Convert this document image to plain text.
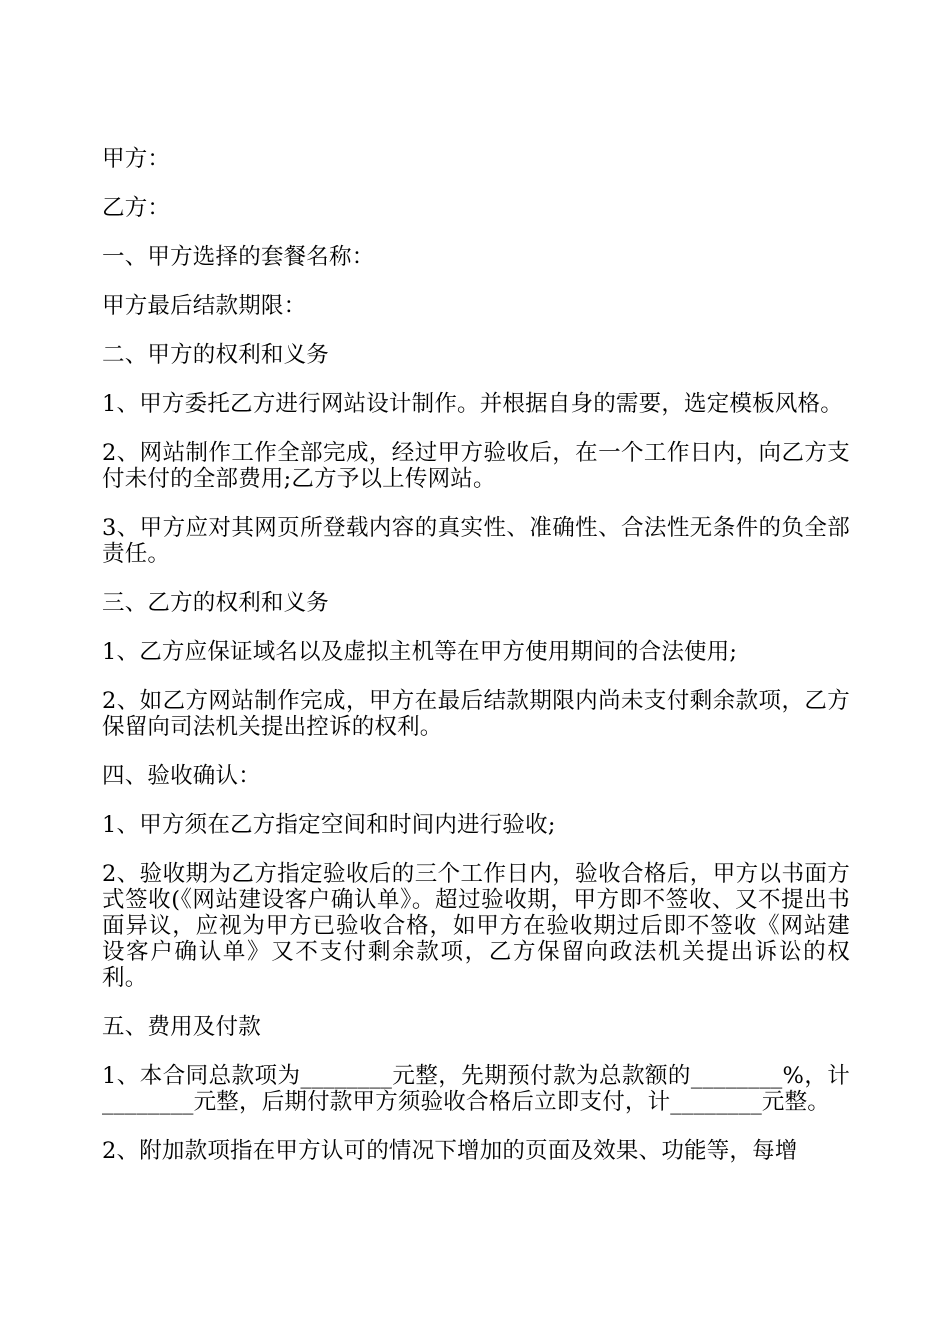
甲方：

乙方：

一、甲方选择的套餐名称：

甲方最后结款期限：

二、甲方的权利和义务

1、甲方委托乙方进行网站设计制作。并根据自身的需要，选定模板风格。

2、网站制作工作全部完成，经过甲方验收后，在一个工作日内，向乙方支付未付的全部费用;乙方予以上传网站。

3、甲方应对其网页所登载内容的真实性、准确性、合法性无条件的负全部责任。

三、乙方的权利和义务

1、乙方应保证域名以及虚拟主机等在甲方使用期间的合法使用;

2、如乙方网站制作完成，甲方在最后结款期限内尚未支付剩余款项，乙方保留向司法机关提出控诉的权利。

四、验收确认：

1、甲方须在乙方指定空间和时间内进行验收;

2、验收期为乙方指定验收后的三个工作日内，验收合格后，甲方以书面方式签收(《网站建设客户确认单》。超过验收期，甲方即不签收、又不提出书面异议，应视为甲方已验收合格，如甲方在验收期过后即不签收《网站建设客户确认单》又不支付剩余款项，乙方保留向政法机关提出诉讼的权利。

五、费用及付款

1、本合同总款项为________元整，先期预付款为总款额的________%，计________元整，后期付款甲方须验收合格后立即支付，计________元整。

2、附加款项指在甲方认可的情况下增加的页面及效果、功能等，每增
